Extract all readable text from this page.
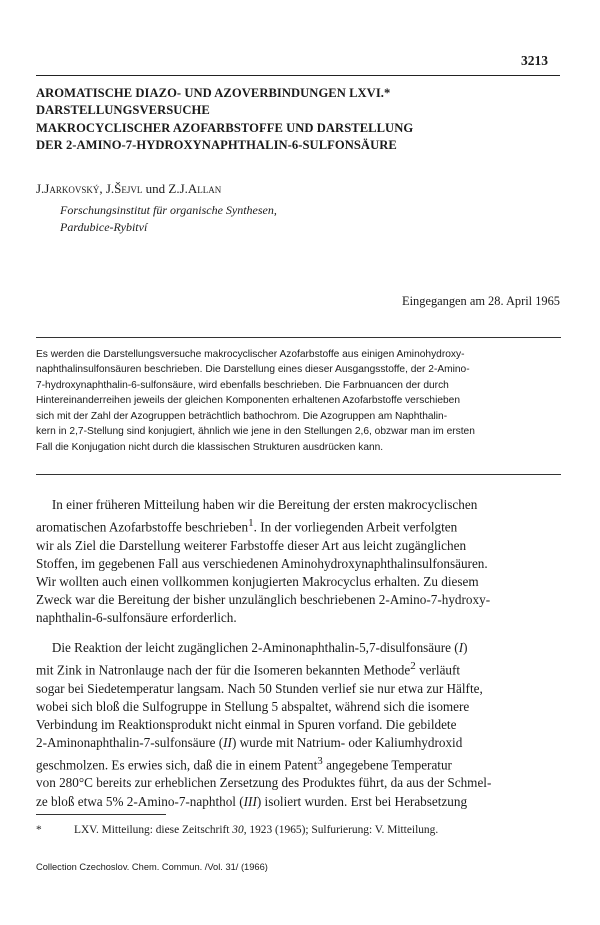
3213
AROMATISCHE DIAZO- UND AZOVERBINDUNGEN LXVI.*
DARSTELLUNGSVERSUCHE
MAKROCYCLISCHER AZOFARBSTOFFE UND DARSTELLUNG
DER 2-AMINO-7-HYDROXYNAPHTHALIN-6-SULFONSÄURE
J.Jarkovský, J.Šejvl und Z.J.Allan
Forschungsinstitut für organische Synthesen,
Pardubice-Rybitví
Eingegangen am 28. April 1965
Es werden die Darstellungsversuche makrocyclischer Azofarbstoffe aus einigen Aminohydroxy-
naphthalinsulfonsäuren beschrieben. Die Darstellung eines dieser Ausgangsstoffe, der 2-Amino-
7-hydroxynaphthalin-6-sulfonsäure, wird ebenfalls beschrieben. Die Farbnuancen der durch
Hintereinanderreihen jeweils der gleichen Komponenten erhaltenen Azofarbstoffe verschieben
sich mit der Zahl der Azogruppen beträchtlich bathochrom. Die Azogruppen am Naphthalin-
kern in 2,7-Stellung sind konjugiert, ähnlich wie jene in den Stellungen 2,6, obzwar man im ersten
Fall die Konjugation nicht durch die klassischen Strukturen ausdrücken kann.
  In einer früheren Mitteilung haben wir die Bereitung der ersten makrocyclischen
aromatischen Azofarbstoffe beschrieben$^1$. In der vorliegenden Arbeit verfolgten
wir als Ziel die Darstellung weiterer Farbstoffe dieser Art aus leicht zugänglichen
Stoffen, im gegebenen Fall aus verschiedenen Aminohydroxynaphthalinsulfonsäuren.
Wir wollten auch einen vollkommen konjugierten Makrocyclus erhalten. Zu diesem
Zweck war die Bereitung der bisher unzulänglich beschriebenen 2-Amino-7-hydroxy-
naphthalin-6-sulfonsäure erforderlich.
  Die Reaktion der leicht zugänglichen 2-Aminonaphthalin-5,7-disulfonsäure (I)
mit Zink in Natronlauge nach der für die Isomeren bekannten Methode$^2$ verläuft
sogar bei Siedetemperatur langsam. Nach 50 Stunden verlief sie nur etwa zur Hälfte,
wobei sich bloß die Sulfogruppe in Stellung 5 abspaltet, während sich die isomere
Verbindung im Reaktionsprodukt nicht einmal in Spuren vorfand. Die gebildete
2-Aminonaphthalin-7-sulfonsäure (II) wurde mit Natrium- oder Kaliumhydroxid
geschmolzen. Es erwies sich, daß die in einem Patent$^3$ angegebene Temperatur
von 280°C bereits zur erheblichen Zersetzung des Produktes führt, da aus der Schmel-
ze bloß etwa 5% 2-Amino-7-naphthol (III) isoliert wurden. Erst bei Herabsetzung
*	LXV. Mitteilung: diese Zeitschrift 30, 1923 (1965); Sulfurierung: V. Mitteilung.
Collection Czechoslov. Chem. Commun. /Vol. 31/ (1966)
